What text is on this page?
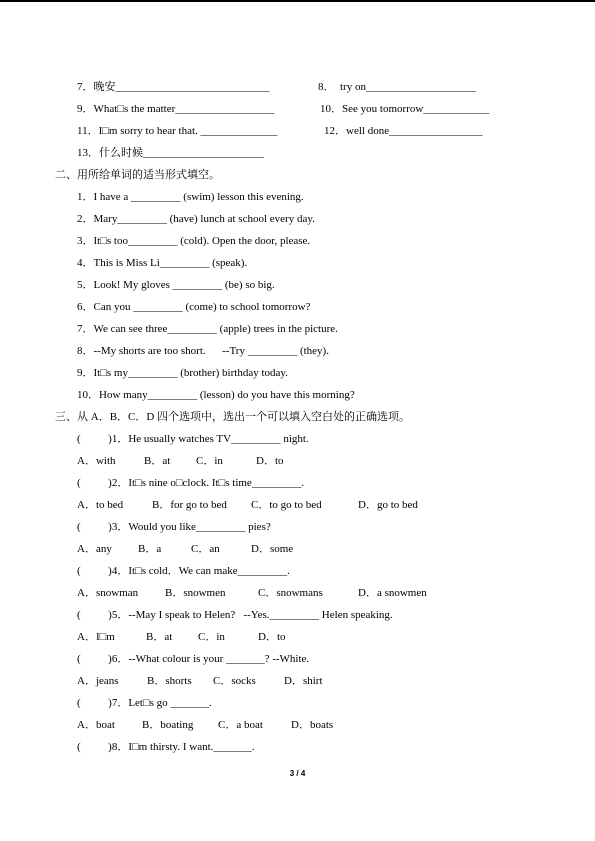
7．晚安____________________________	8．  try on____________________
9．What□s the matter__________________	10．See you tomorrow____________
11．I□m sorry to hear that. ______________	12．well done_________________
13．什么时候______________________
二、用所给单词的适当形式填空。
1．I have a _________ (swim) lesson this evening.
2．Mary_________ (have) lunch at school every day.
3．It□s too_________ (cold). Open the door, please.
4．This is Miss Li_________ (speak).
5．Look! My gloves _________ (be) so big.
6．Can you _________ (come) to school tomorrow?
7．We can see three_________ (apple) trees in the picture.
8．--My shorts are too short.      --Try _________ (they).
9．It□s my_________ (brother) birthday today.
10．How many_________ (lesson) do you have this morning?
三、从 A．B．C．D 四个选项中，选出一个可以填入空白处的正确选项。
(          )1．He usually watches TV_________ night.
A．with	B．at C．in	D．to
(          )2．It□s nine o□clock. It□s time_________.
A．to bed	B．for go to bed C．to go to bed	D．go to bed
(          )3．Would you like_________ pies?
A．any B．a	C．an	D．some
(          )4．It□s cold．We can make_________.
A．snowman B．snowmen	C．snowmans	D．a snowmen
(          )5．--May I speak to Helen?   --Yes._________ Helen speaking.
A．I□m	B．at C．in	D．to
(          )6．--What colour is your _______? --White.
A．jeans	B．shorts C．socks	D．shirt
(          )7．Let□s go _______.
A．boat B．boating C．a boat	D．boats
(          )8．I□m thirsty. I want._______.
3 / 4
